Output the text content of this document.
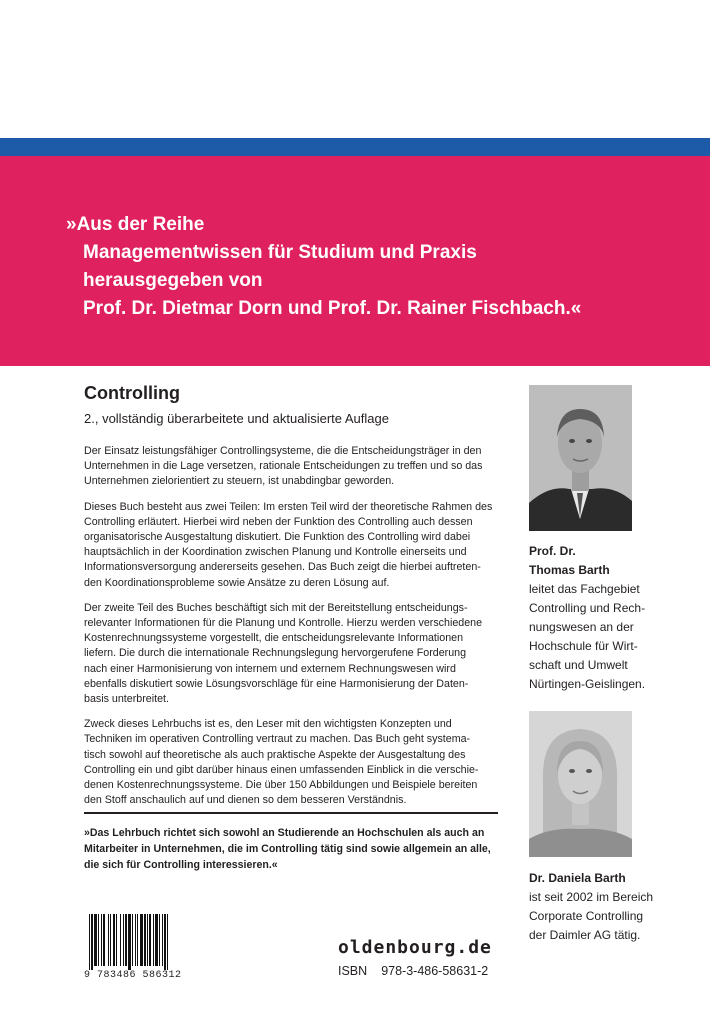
»Aus der Reihe
Managementwissen für Studium und Praxis
herausgegeben von
Prof. Dr. Dietmar Dorn und Prof. Dr. Rainer Fischbach.«
Controlling
2., vollständig überarbeitete und aktualisierte Auflage

Der Einsatz leistungsfähiger Controllingsysteme, die die Entscheidungsträger in den
Unternehmen in die Lage versetzen, rationale Entscheidungen zu treffen und so das
Unternehmen zielorientiert zu steuern, ist unabdingbar geworden.

Dieses Buch besteht aus zwei Teilen: Im ersten Teil wird der theoretische Rahmen des
Controlling erläutert. Hierbei wird neben der Funktion des Controlling auch dessen
organisatorische Ausgestaltung diskutiert. Die Funktion des Controlling wird dabei
hauptsächlich in der Koordination zwischen Planung und Kontrolle einerseits und
Informationsversorgung andererseits gesehen. Das Buch zeigt die hierbei auftreten-
den Koordinationsprobleme sowie Ansätze zu deren Lösung auf.

Der zweite Teil des Buches beschäftigt sich mit der Bereitstellung entscheidungs-
relevanter Informationen für die Planung und Kontrolle. Hierzu werden verschiedene
Kostenrechnungssysteme vorgestellt, die entscheidungsrelevante Informationen
liefern. Die durch die internationale Rechnungslegung hervorgerufene Forderung
nach einer Harmonisierung von internem und externem Rechnungswesen wird
ebenfalls diskutiert sowie Lösungsvorschläge für eine Harmonisierung der Daten-
basis unterbreitet.

Zweck dieses Lehrbuchs ist es, den Leser mit den wichtigsten Konzepten und
Techniken im operativen Controlling vertraut zu machen. Das Buch geht systema-
tisch sowohl auf theoretische als auch praktische Aspekte der Ausgestaltung des
Controlling ein und gibt darüber hinaus einen umfassenden Einblick in die verschie-
denen Kostenrechnungssysteme. Die über 150 Abbildungen und Beispiele bereiten
den Stoff anschaulich auf und dienen so dem besseren Verständnis.

»Das Lehrbuch richtet sich sowohl an Studierende an Hochschulen als auch an
Mitarbeiter in Unternehmen, die im Controlling tätig sind sowie allgemein an alle,
die sich für Controlling interessieren.«
Prof. Dr.
Thomas Barth
leitet das Fachgebiet
Controlling und Rech-
nungswesen an der
Hochschule für Wirt-
schaft und Umwelt
Nürtingen-Geislingen.
Dr. Daniela Barth
ist seit 2002 im Bereich
Corporate Controlling
der Daimler AG tätig.
9 783486 586312
oldenbourg.de
ISBN 978-3-486-58631-2
